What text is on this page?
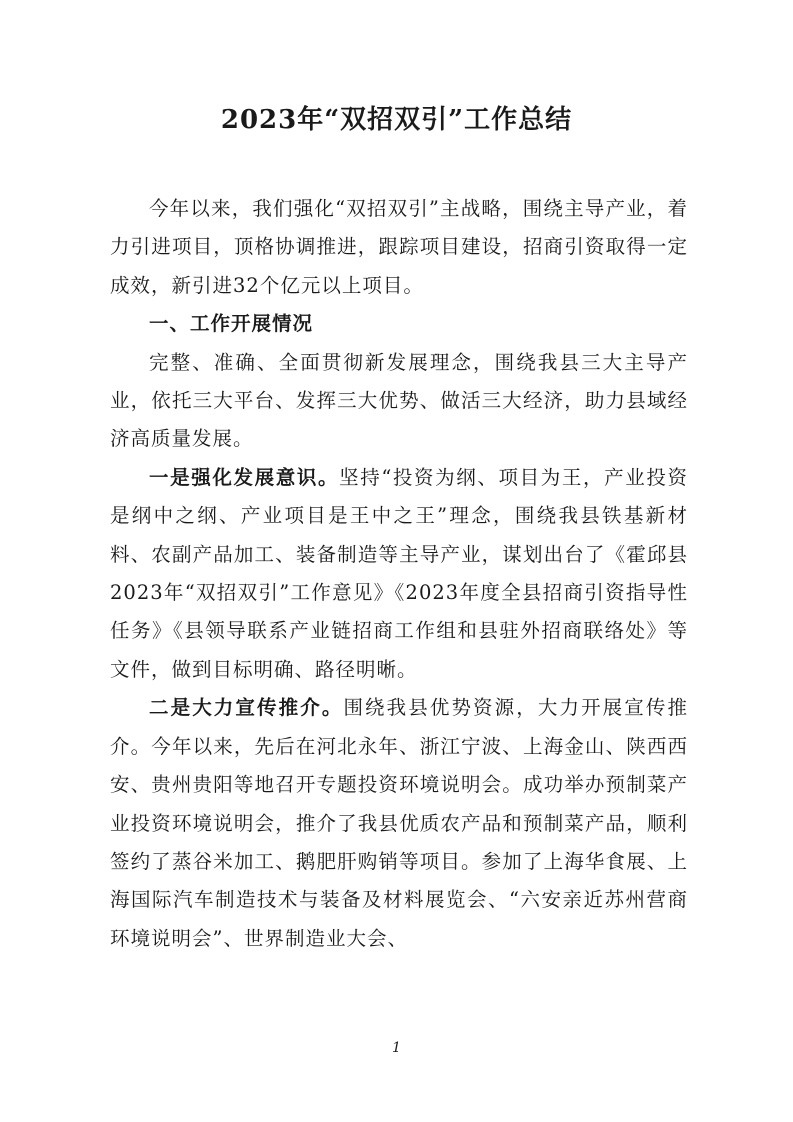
2023年“双招双引”工作总结

今年以来，我们强化“双招双引”主战略，围绕主导产业，着力引进项目，顶格协调推进，跟踪项目建设，招商引资取得一定成效，新引进32个亿元以上项目。

一、工作开展情况

完整、准确、全面贯彻新发展理念，围绕我县三大主导产业，依托三大平台、发挥三大优势、做活三大经济，助力县域经济高质量发展。

一是强化发展意识。坚持“投资为纲、项目为王，产业投资是纲中之纲、产业项目是王中之王”理念，围绕我县铁基新材料、农副产品加工、装备制造等主导产业，谋划出台了《霍邱县2023年“双招双引”工作意见》《2023年度全县招商引资指导性任务》《县领导联系产业链招商工作组和县驻外招商联络处》等文件，做到目标明确、路径明晰。

二是大力宣传推介。围绕我县优势资源，大力开展宣传推介。今年以来，先后在河北永年、浙江宁波、上海金山、陕西西安、贵州贵阳等地召开专题投资环境说明会。成功举办预制菜产业投资环境说明会，推介了我县优质农产品和预制菜产品，顺利签约了蒸谷米加工、鹅肥肝购销等项目。参加了上海华食展、上海国际汽车制造技术与装备及材料展览会、“六安亲近苏州营商环境说明会”、世界制造业大会、

1
